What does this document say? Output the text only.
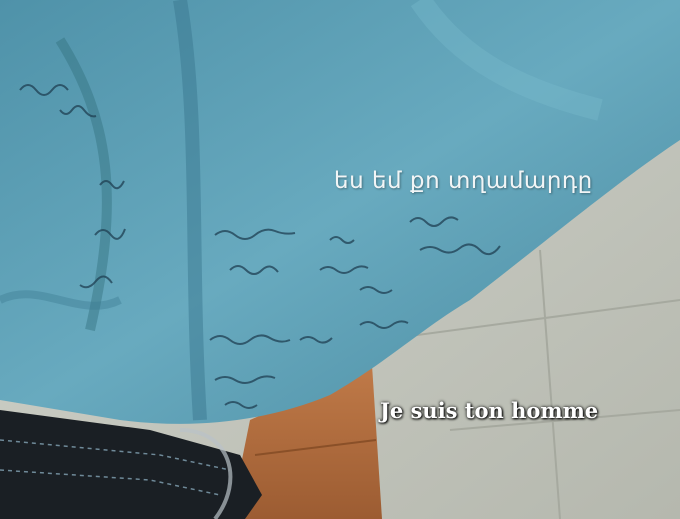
ես եմ քո տղամարդը
Je suis ton homme
